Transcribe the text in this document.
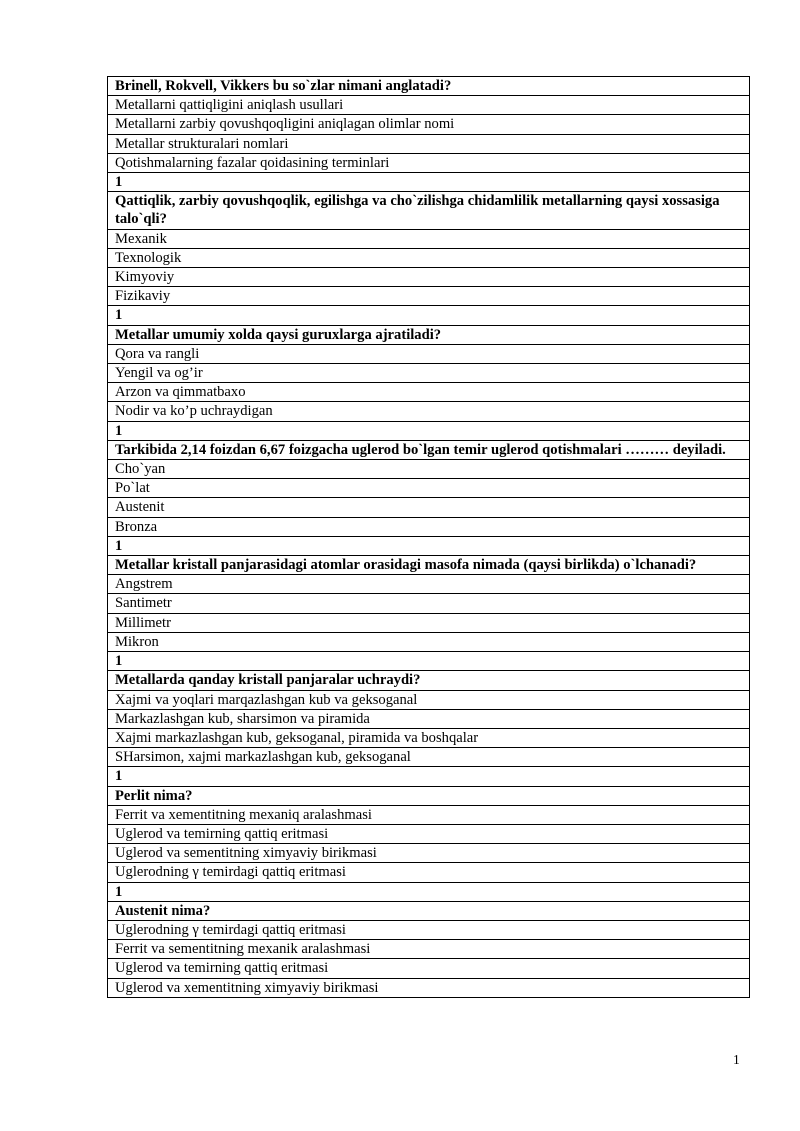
Brinell, Rokvell, Vikkers bu so`zlar nimani anglatadi?
Metallarni qattiqligini aniqlash usullari
Metallarni zarbiy qovushqoqligini aniqlagan olimlar nomi
Metallar strukturalari nomlari
Qotishmalarning fazalar qoidasining terminlari
1
Qattiqlik, zarbiy qovushqoqlik, egilishga va cho`zilishga chidamlilik metallarning qaysi xossasiga talo`qli?
Mexanik
Texnologik
Kimyoviy
Fizikaviy
1
Metallar umumiy xolda qaysi guruxlarga ajratiladi?
Qora va rangli
Yengil va og’ir
Arzon va qimmatbaxo
Nodir va ko’p uchraydigan
1
Tarkibida 2,14 foizdan 6,67 foizgacha uglerod bo`lgan temir uglerod qotishmalari ……… deyiladi.
Cho`yan
Po`lat
Austenit
Bronza
1
Metallar kristall panjarasidagi atomlar orasidagi masofa nimada (qaysi birlikda) o`lchanadi?
Angstrem
Santimetr
Millimetr
Mikron
1
Metallarda qanday kristall panjaralar uchraydi?
Xajmi va yoqlari marqazlashgan kub va geksoganal
Markazlashgan kub, sharsimon va piramida
Xajmi markazlashgan kub, geksoganal, piramida va boshqalar
SHarsimon, xajmi markazlashgan kub, geksoganal
1
Perlit nima?
Ferrit va xementitning mexaniq aralashmasi
Uglerod va temirning qattiq eritmasi
Uglerod va sementitning ximyaviy birikmasi
Uglerodning γ temirdagi qattiq eritmasi
1
Austenit nima?
Uglerodning γ temirdagi qattiq eritmasi
Ferrit va sementitning mexanik aralashmasi
Uglerod va temirning qattiq eritmasi
Uglerod va xementitning ximyaviy birikmasi
1
